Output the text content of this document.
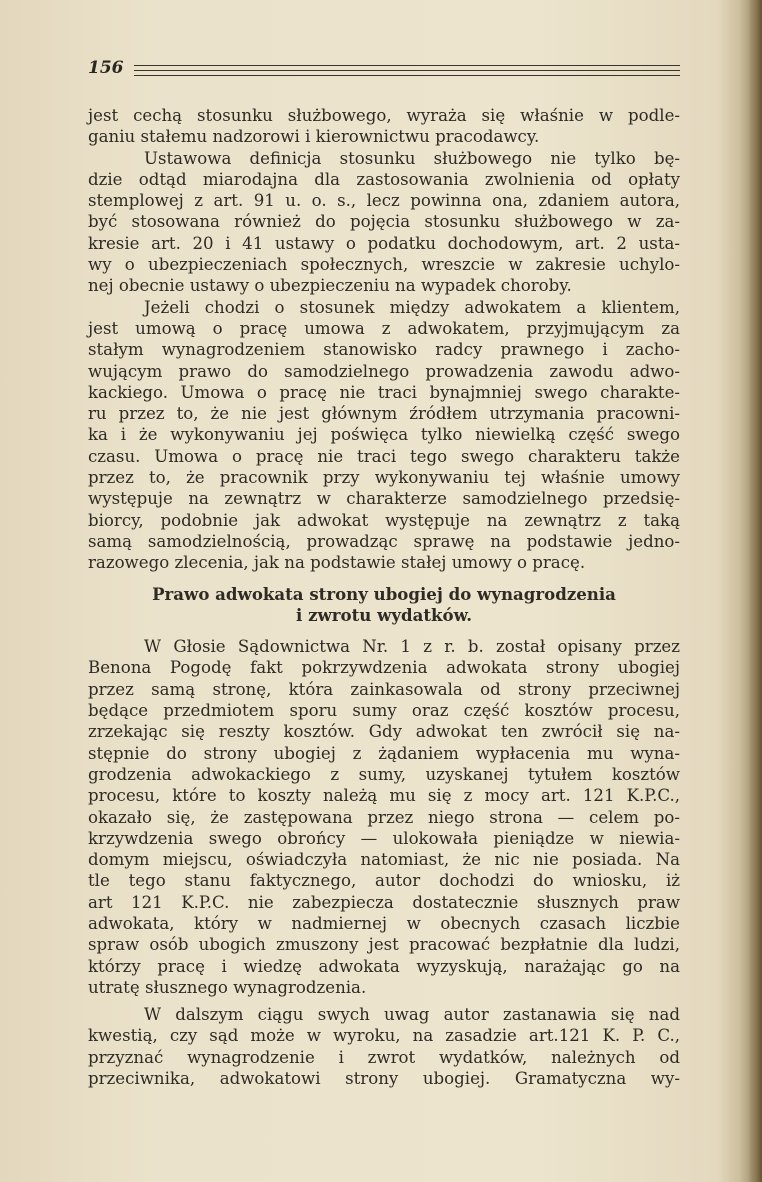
156
jest cechą stosunku służbowego, wyraża się właśnie w podle-
ganiu stałemu nadzorowi i kierownictwu pracodawcy.
Ustawowa definicja stosunku służbowego nie tylko bę-
dzie odtąd miarodajna dla zastosowania zwolnienia od opłaty
stemplowej z art. 91 u. o. s., lecz powinna ona, zdaniem autora,
być stosowana również do pojęcia stosunku służbowego w za-
kresie art. 20 i 41 ustawy o podatku dochodowym, art. 2 usta-
wy o ubezpieczeniach społecznych, wreszcie w zakresie uchylo-
nej obecnie ustawy o ubezpieczeniu na wypadek choroby.
Jeżeli chodzi o stosunek między adwokatem a klientem,
jest umową o pracę umowa z adwokatem, przyjmującym za
stałym wynagrodzeniem stanowisko radcy prawnego i zacho-
wującym prawo do samodzielnego prowadzenia zawodu adwo-
kackiego. Umowa o pracę nie traci bynajmniej swego charakte-
ru przez to, że nie jest głównym źródłem utrzymania pracowni-
ka i że wykonywaniu jej poświęca tylko niewielką część swego
czasu. Umowa o pracę nie traci tego swego charakteru także
przez to, że pracownik przy wykonywaniu tej właśnie umowy
występuje na zewnątrz w charakterze samodzielnego przedsię-
biorcy, podobnie jak adwokat występuje na zewnątrz z taką
samą samodzielnością, prowadząc sprawę na podstawie jedno-
razowego zlecenia, jak na podstawie stałej umowy o pracę.
Prawo adwokata strony ubogiej do wynagrodzenia
i zwrotu wydatków.
W Głosie Sądownictwa Nr. 1 z r. b. został opisany przez
Benona Pogodę fakt pokrzywdzenia adwokata strony ubogiej
przez samą stronę, która zainkasowala od strony przeciwnej
będące przedmiotem sporu sumy oraz część kosztów procesu,
zrzekając się reszty kosztów. Gdy adwokat ten zwrócił się na-
stępnie do strony ubogiej z żądaniem wypłacenia mu wyna-
grodzenia adwokackiego z sumy, uzyskanej tytułem kosztów
procesu, które to koszty należą mu się z mocy art. 121 K.P.C.,
okazało się, że zastępowana przez niego strona — celem po-
krzywdzenia swego obrońcy — ulokowała pieniądze w niewia-
domym miejscu, oświadczyła natomiast, że nic nie posiada. Na
tle tego stanu faktycznego, autor dochodzi do wniosku, iż
art 121 K.P.C. nie zabezpiecza dostatecznie słusznych praw
adwokata, który w nadmiernej w obecnych czasach liczbie
spraw osób ubogich zmuszony jest pracować bezpłatnie dla ludzi,
którzy pracę i wiedzę adwokata wyzyskują, narażając go na
utratę słusznego wynagrodzenia.
W dalszym ciągu swych uwag autor zastanawia się nad
kwestią, czy sąd może w wyroku, na zasadzie art.121 K. P. C.,
przyznać wynagrodzenie i zwrot wydatków, należnych od
przeciwnika, adwokatowi strony ubogiej. Gramatyczna wy-
